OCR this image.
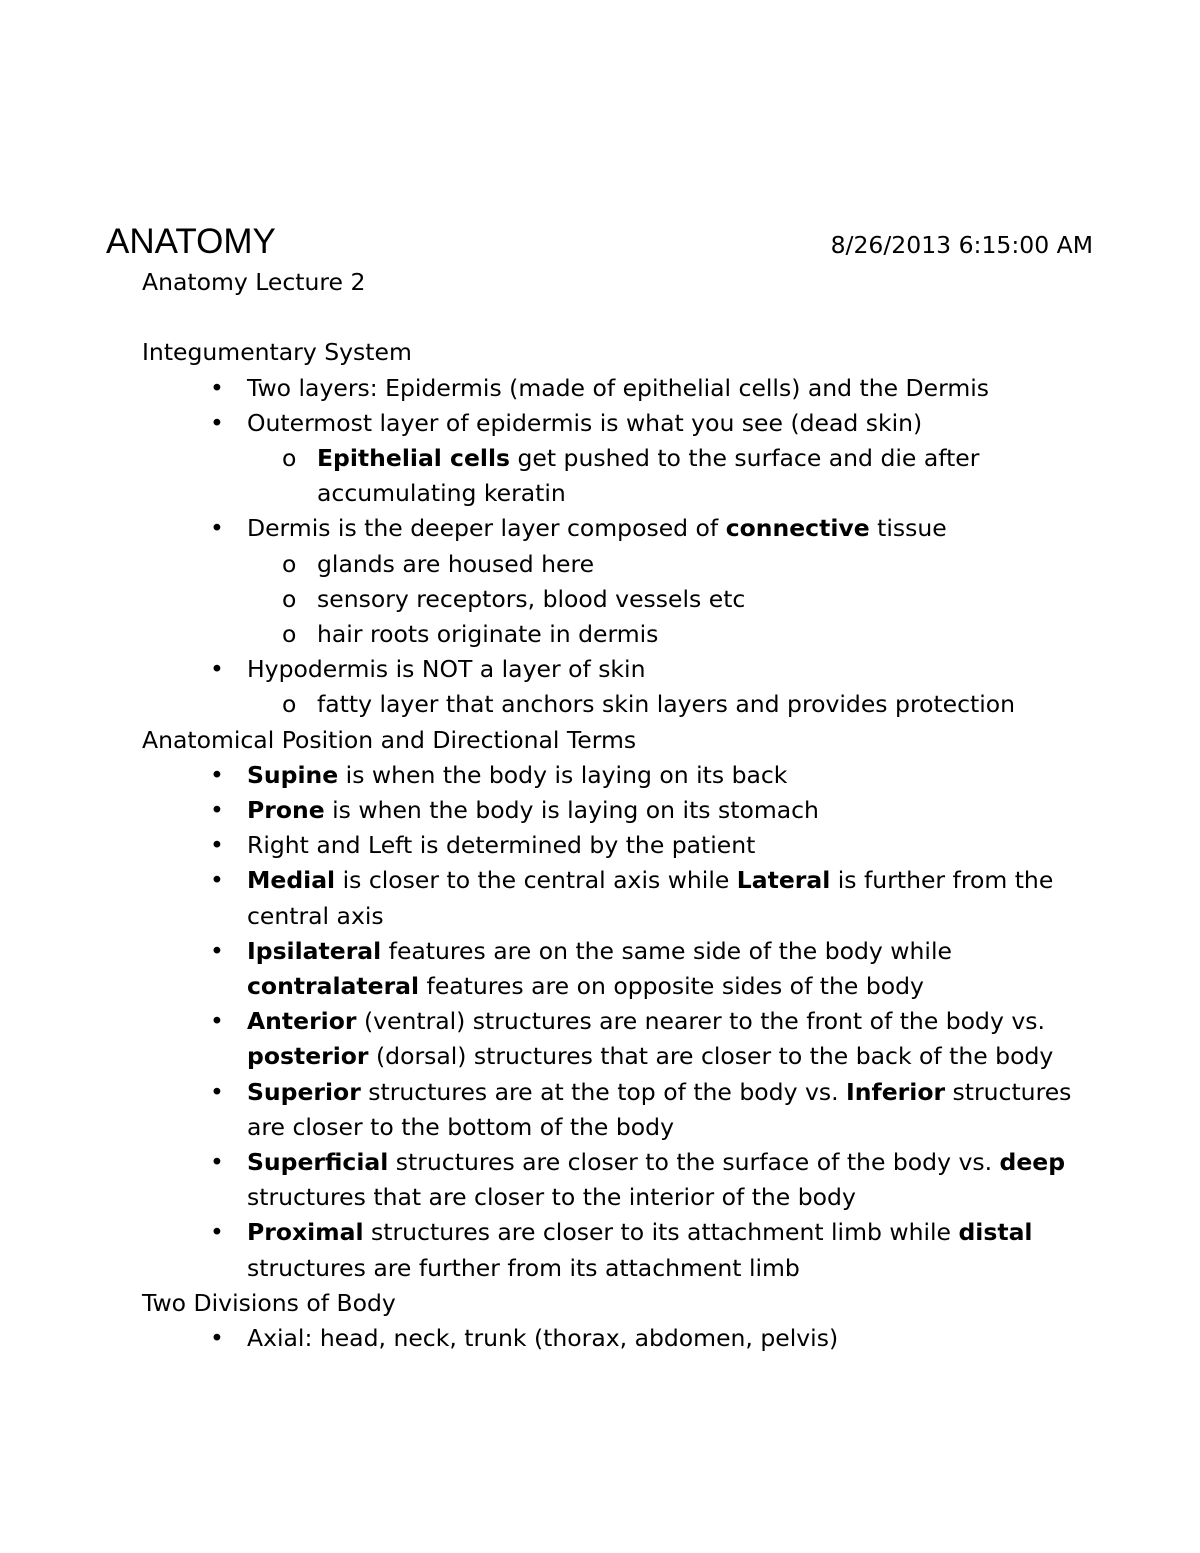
ANATOMY	8/26/2013 6:15:00 AM
Anatomy Lecture 2
Integumentary System
• Two layers: Epidermis (made of epithelial cells) and the Dermis
• Outermost layer of epidermis is what you see (dead skin)
o Epithelial cells get pushed to the surface and die after accumulating keratin
• Dermis is the deeper layer composed of connective tissue
o glands are housed here
o sensory receptors, blood vessels etc
o hair roots originate in dermis
• Hypodermis is NOT a layer of skin
o fatty layer that anchors skin layers and provides protection
Anatomical Position and Directional Terms
• Supine is when the body is laying on its back
• Prone is when the body is laying on its stomach
• Right and Left is determined by the patient
• Medial is closer to the central axis while Lateral is further from the central axis
• Ipsilateral features are on the same side of the body while contralateral features are on opposite sides of the body
• Anterior (ventral) structures are nearer to the front of the body vs. posterior (dorsal) structures that are closer to the back of the body
• Superior structures are at the top of the body vs. Inferior structures are closer to the bottom of the body
• Superficial structures are closer to the surface of the body vs. deep structures that are closer to the interior of the body
• Proximal structures are closer to its attachment limb while distal structures are further from its attachment limb
Two Divisions of Body
• Axial: head, neck, trunk (thorax, abdomen, pelvis)
